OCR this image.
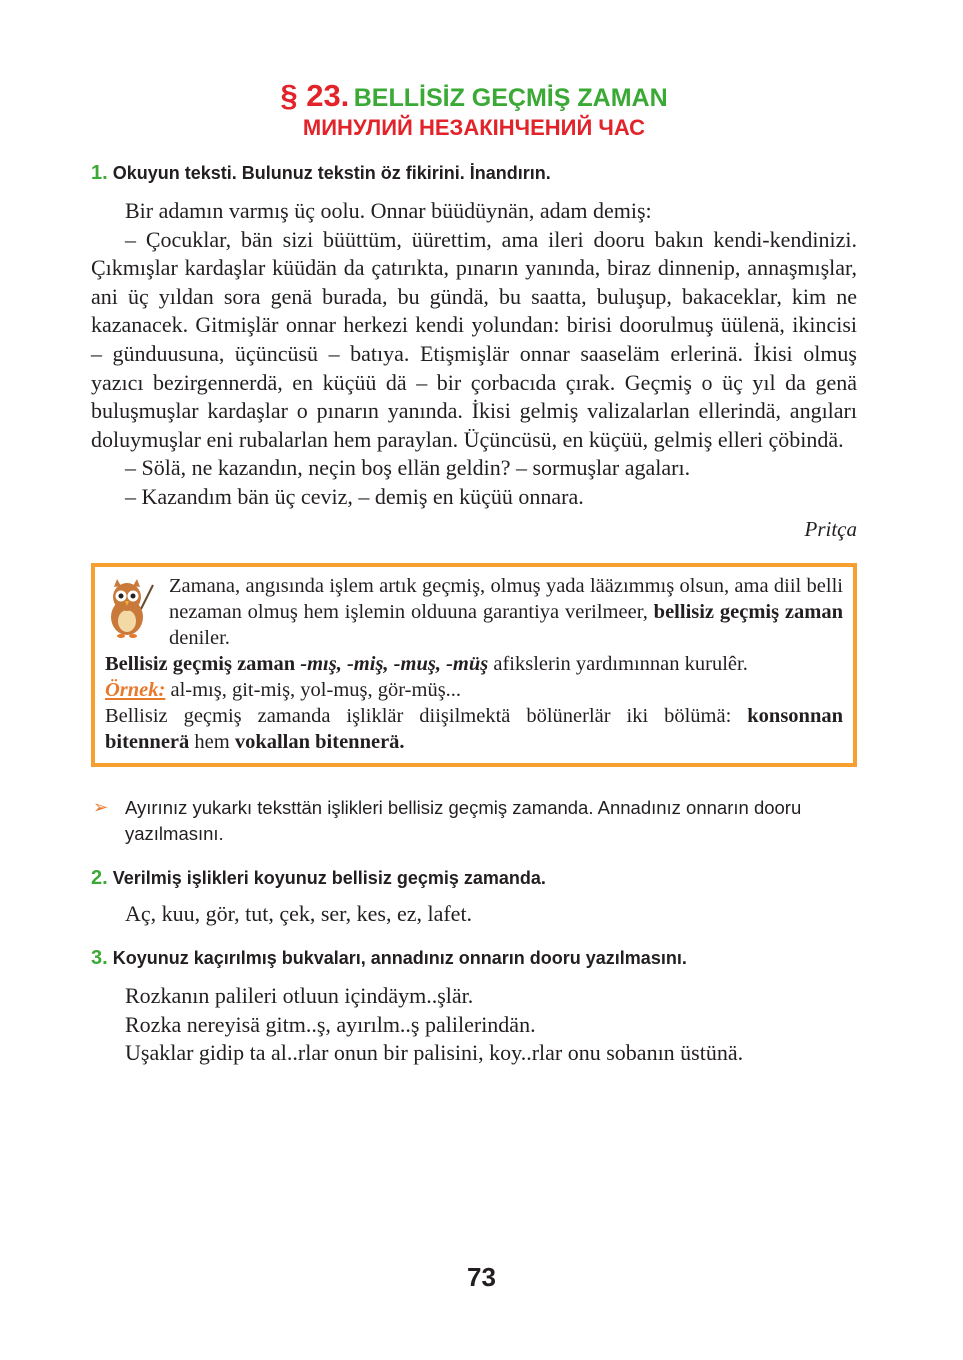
§ 23. BELLİSİZ GEÇMİŞ ZAMAN
МИНУЛИЙ НЕЗАКІНЧЕНИЙ ЧАС
1. Okuyun teksti. Bulunuz tekstin öz fikirini. İnandırın.

Bir adamın varmış üç oolu. Onnar büüdüynän, adam demiş:

– Çocuklar, bän sizi büüttüm, üürettim, ama ileri dooru bakın kendi-kendinizi. Çıkmışlar kardaşlar küüdän da çatırıkta, pınarın yanında, biraz dinnenip, annaşmışlar, ani üç yıldan sora genä burada, bu gündä, bu saatta, buluşup, bakaceklar, kim ne kazanacek. Gitmişlär onnar herkezi kendi yolundan: birisi doorulmuş üülenä, ikincisi – günduusuna, üçüncüsü – batıya. Etişmişlär onnar saaseläm erlerinä. İkisi olmuş yazıcı bezirgennerdä, en küçüü dä – bir çorbacıda çırak. Geçmiş o üç yıl da genä buluşmuşlar kardaşlar o pınarın yanında. İkisi gelmiş valizalarlan ellerindä, angıları doluymuşlar eni rubalarlan hem paraylan. Üçüncüsü, en küçüü, gelmiş elleri çöbindä.

– Sölä, ne kazandın, neçin boş ellän geldin? – sormuşlar agaları.

– Kazandım bän üç ceviz, – demiş en küçüü onnara.

Pritça

Zamana, angısında işlem artık geçmiş, olmuş yada lääzımmış olsun, ama diil belli nezaman olmuş hem işlemin olduuna garantiya verilmeer, bellisiz geçmiş zaman deniler.

Bellisiz geçmiş zaman -mış, -miş, -muş, -müş afikslerin yardımınnan kurulêr.

Örnek: al-mış, git-miş, yol-muş, gör-müş...

Bellisiz geçmiş zamanda işliklär diişilmektä bölünerlär iki bölümä: konsonnan bitennerä hem vokallan bitennerä.

➢ Ayırınız yukarkı teksttän işlikleri bellisiz geçmiş zamanda. Annadınız onnarın dooru yazılmasını.
2. Verilmiş işlikleri koyunuz bellisiz geçmiş zamanda.

Aç, kuu, gör, tut, çek, ser, kes, ez, lafet.

3. Koyunuz kaçırılmış bukvaları, annadınız onnarın dooru yazılmasını.

Rozkanın palileri otluun içindäym..şlär.

Rozka nereyisä gitm..ş, ayırılm..ş palilerindän.

Uşaklar gidip ta al..rlar onun bir palisini, koy..rlar onu sobanın üstünä.

73
